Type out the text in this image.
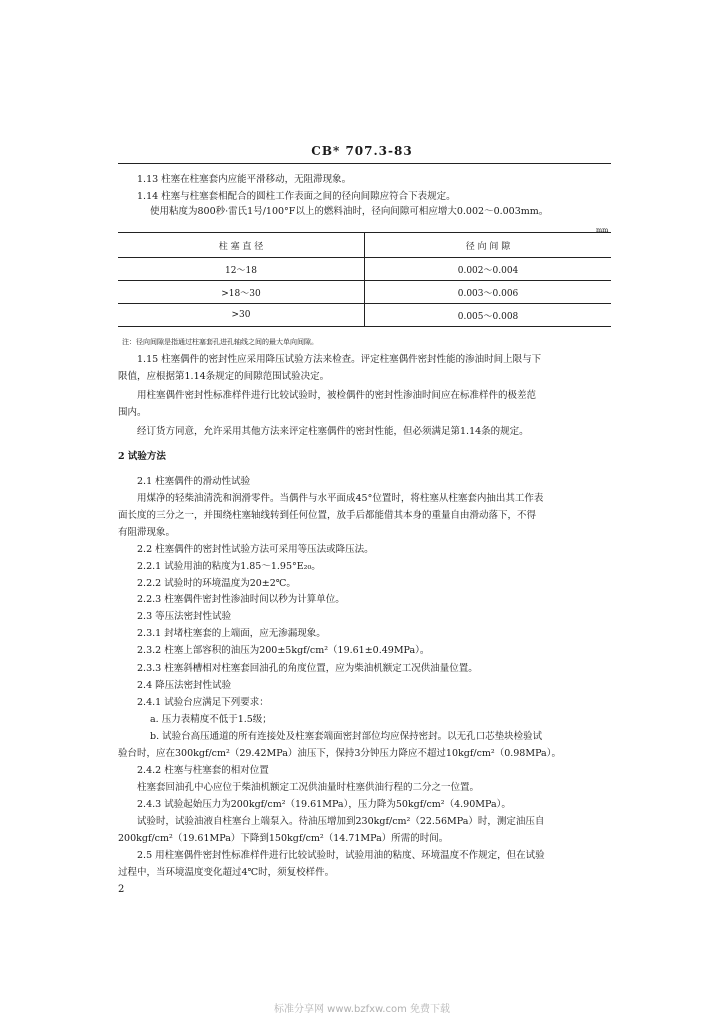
CB* 707.3-83
1.13 柱塞在柱塞套内应能平滑移动，无阻滞现象。
1.14 柱塞与柱塞套相配合的圆柱工作表面之间的径向间隙应符合下表规定。
使用粘度为800秒·雷氏1号/100°F以上的燃料油时，径向间隙可相应增大0.002～0.003mm。
mm
柱 塞 直 径	径 向 间 隙
12～18	0.002～0.004
>18～30	0.003～0.006
>30	0.005～0.008
注：径向间隙是指通过柱塞套孔进孔轴线之间的最大单向间隙。
1.15 柱塞偶件的密封性应采用降压试验方法来检查。评定柱塞偶件密封性能的渗油时间上限与下
限值，应根据第1.14条规定的间隙范围试验决定。
用柱塞偶件密封性标准样件进行比较试验时，被检偶件的密封性渗油时间应在标准样件的极差范
围内。
经订货方同意，允许采用其他方法来评定柱塞偶件的密封性能，但必须满足第1.14条的规定。
2 试验方法
2.1 柱塞偶件的滑动性试验
用煤净的轻柴油清洗和润滑零件。当偶件与水平面成45°位置时，将柱塞从柱塞套内抽出其工作表
面长度的三分之一，并围绕柱塞轴线转到任何位置，放手后都能借其本身的重量自由滑动落下，不得
有阻滞现象。
2.2 柱塞偶件的密封性试验方法可采用等压法或降压法。
2.2.1 试验用油的粘度为1.85～1.95°E₂₀。
2.2.2 试验时的环境温度为20±2℃。
2.2.3 柱塞偶件密封性渗油时间以秒为计算单位。
2.3 等压法密封性试验
2.3.1 封堵柱塞套的上端面，应无渗漏现象。
2.3.2 柱塞上部容积的油压为200±5kgf/cm²（19.61±0.49MPa）。
2.3.3 柱塞斜槽相对柱塞套回油孔的角度位置，应为柴油机额定工况供油量位置。
2.4 降压法密封性试验
2.4.1 试验台应满足下列要求：
a. 压力表精度不低于1.5级；
b. 试验台高压通道的所有连接处及柱塞套端面密封部位均应保持密封。以无孔口芯垫块检验试
验台时，应在300kgf/cm²（29.42MPa）油压下，保持3分钟压力降应不超过10kgf/cm²（0.98MPa）。
2.4.2 柱塞与柱塞套的相对位置
柱塞套回油孔中心应位于柴油机额定工况供油量时柱塞供油行程的二分之一位置。
2.4.3 试验起始压力为200kgf/cm²（19.61MPa），压力降为50kgf/cm²（4.90MPa）。
试验时，试验油液自柱塞台上端泵入。待油压增加到230kgf/cm²（22.56MPa）时，测定油压自
200kgf/cm²（19.61MPa）下降到150kgf/cm²（14.71MPa）所需的时间。
2.5 用柱塞偶件密封性标准样件进行比较试验时，试验用油的粘度、环境温度不作规定，但在试验
过程中，当环境温度变化超过4℃时，须复校样件。
2
标准分享网 www.bzfxw.com 免费下载
